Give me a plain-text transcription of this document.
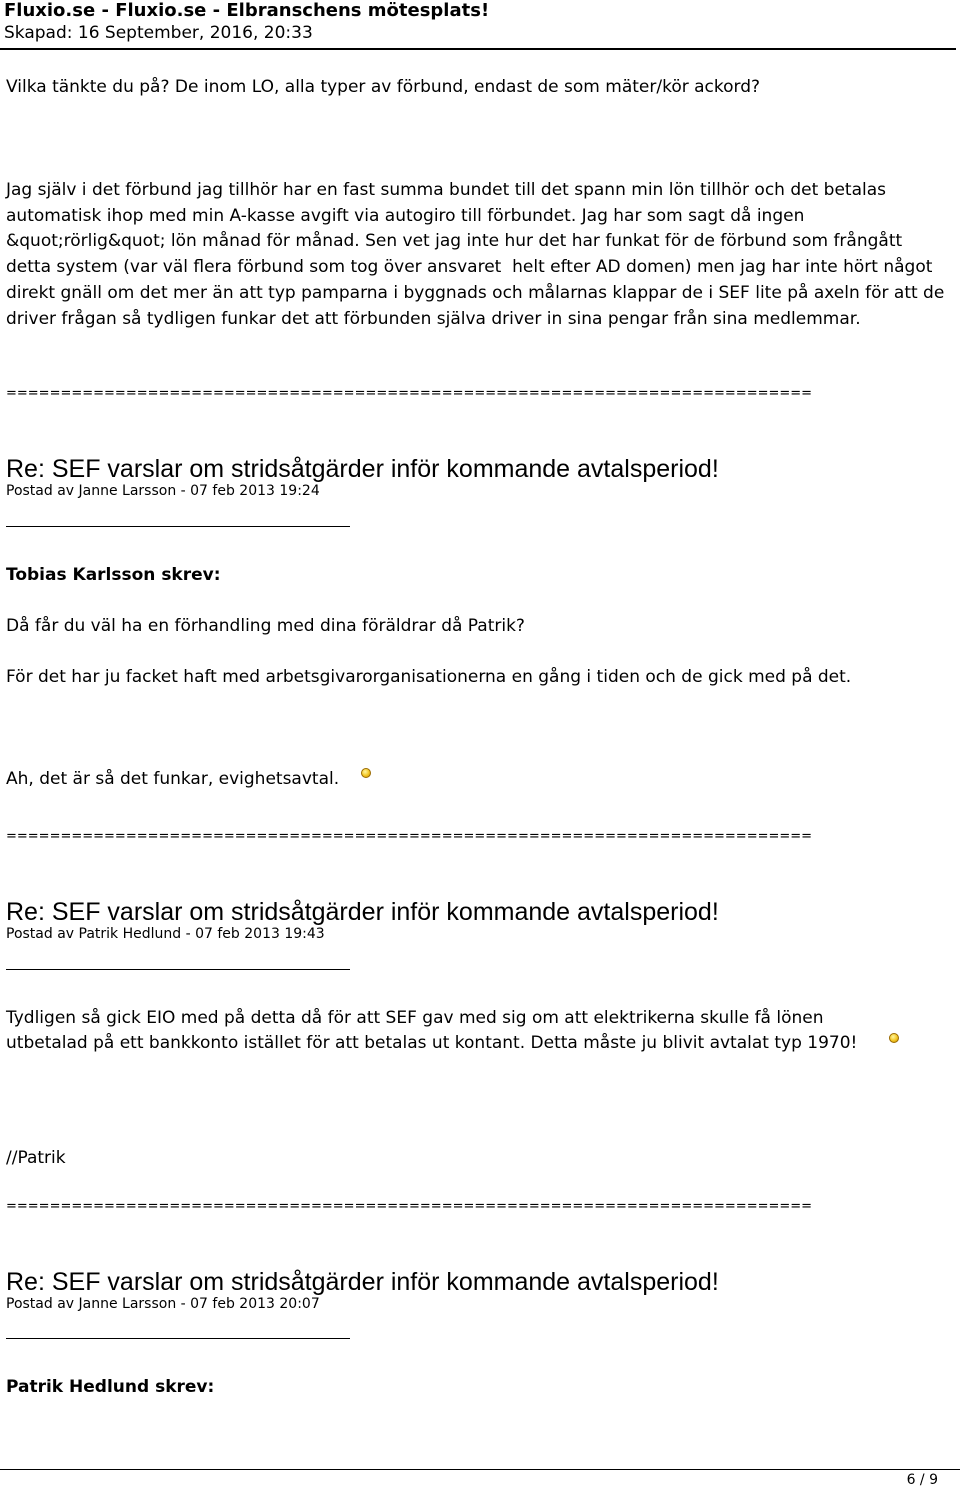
Fluxio.se - Fluxio.se - Elbranschens mötesplats!
Skapad: 16 September, 2016, 20:33
Vilka tänkte du på? De inom LO, alla typer av förbund, endast de som mäter/kör ackord?
Jag själv i det förbund jag tillhör har en fast summa bundet till det spann min lön tillhör och det betalas automatisk ihop med min A-kasse avgift via autogiro till förbundet. Jag har som sagt då ingen &quot;rörlig&quot; lön månad för månad. Sen vet jag inte hur det har funkat för de förbund som frångått detta system (var väl flera förbund som tog över ansvaret  helt efter AD domen) men jag har inte hört något direkt gnäll om det mer än att typ pamparna i byggnads och målarnas klappar de i SEF lite på axeln för att de driver frågan så tydligen funkar det att förbunden själva driver in sina pengar från sina medlemmar.
==========================================================================
Re: SEF varslar om stridsåtgärder inför kommande avtalsperiod!
Postad av Janne Larsson - 07 feb 2013 19:24
Tobias Karlsson skrev:
Då får du väl ha en förhandling med dina föräldrar då Patrik?
För det har ju facket haft med arbetsgivarorganisationerna en gång i tiden och de gick med på det.
Ah, det är så det funkar, evighetsavtal.
==========================================================================
Re: SEF varslar om stridsåtgärder inför kommande avtalsperiod!
Postad av Patrik Hedlund - 07 feb 2013 19:43
Tydligen så gick EIO med på detta då för att SEF gav med sig om att elektrikerna skulle få lönen
utbetalad på ett bankkonto istället för att betalas ut kontant. Detta måste ju blivit avtalat typ 1970!
//Patrik
==========================================================================
Re: SEF varslar om stridsåtgärder inför kommande avtalsperiod!
Postad av Janne Larsson - 07 feb 2013 20:07
Patrik Hedlund skrev:
6 / 9
